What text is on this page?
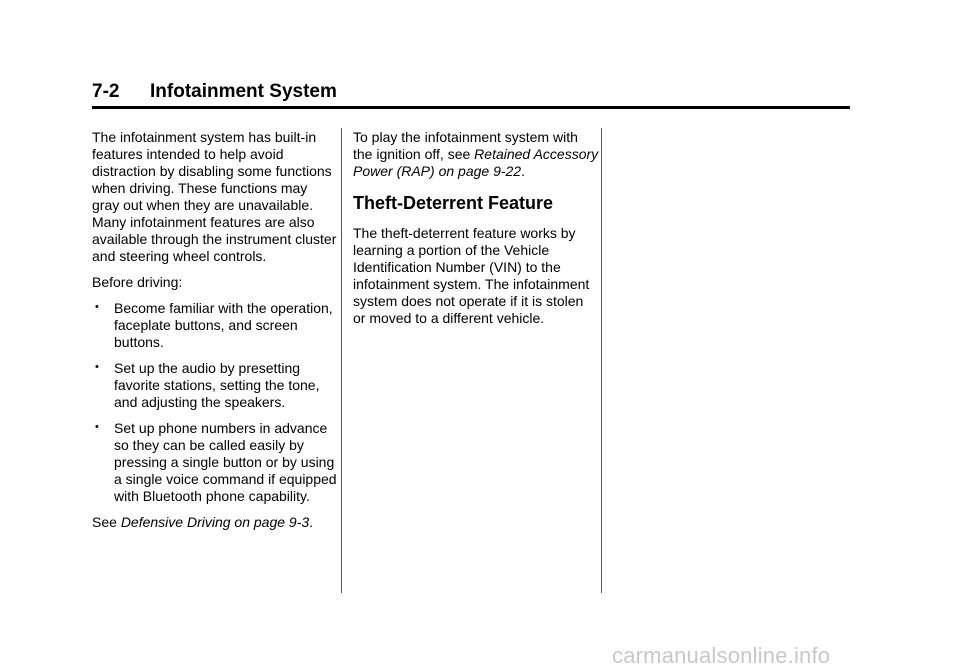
7-2 Infotainment System

The infotainment system has built-in features intended to help avoid distraction by disabling some functions when driving. These functions may gray out when they are unavailable. Many infotainment features are also available through the instrument cluster and steering wheel controls.

Before driving:

• Become familiar with the operation, faceplate buttons, and screen buttons.
• Set up the audio by presetting favorite stations, setting the tone, and adjusting the speakers.
• Set up phone numbers in advance so they can be called easily by pressing a single button or by using a single voice command if equipped with Bluetooth phone capability.

See Defensive Driving on page 9-3.

To play the infotainment system with the ignition off, see Retained Accessory Power (RAP) on page 9-22.

Theft-Deterrent Feature

The theft-deterrent feature works by learning a portion of the Vehicle Identification Number (VIN) to the infotainment system. The infotainment system does not operate if it is stolen or moved to a different vehicle.

carmanualsonline.info
